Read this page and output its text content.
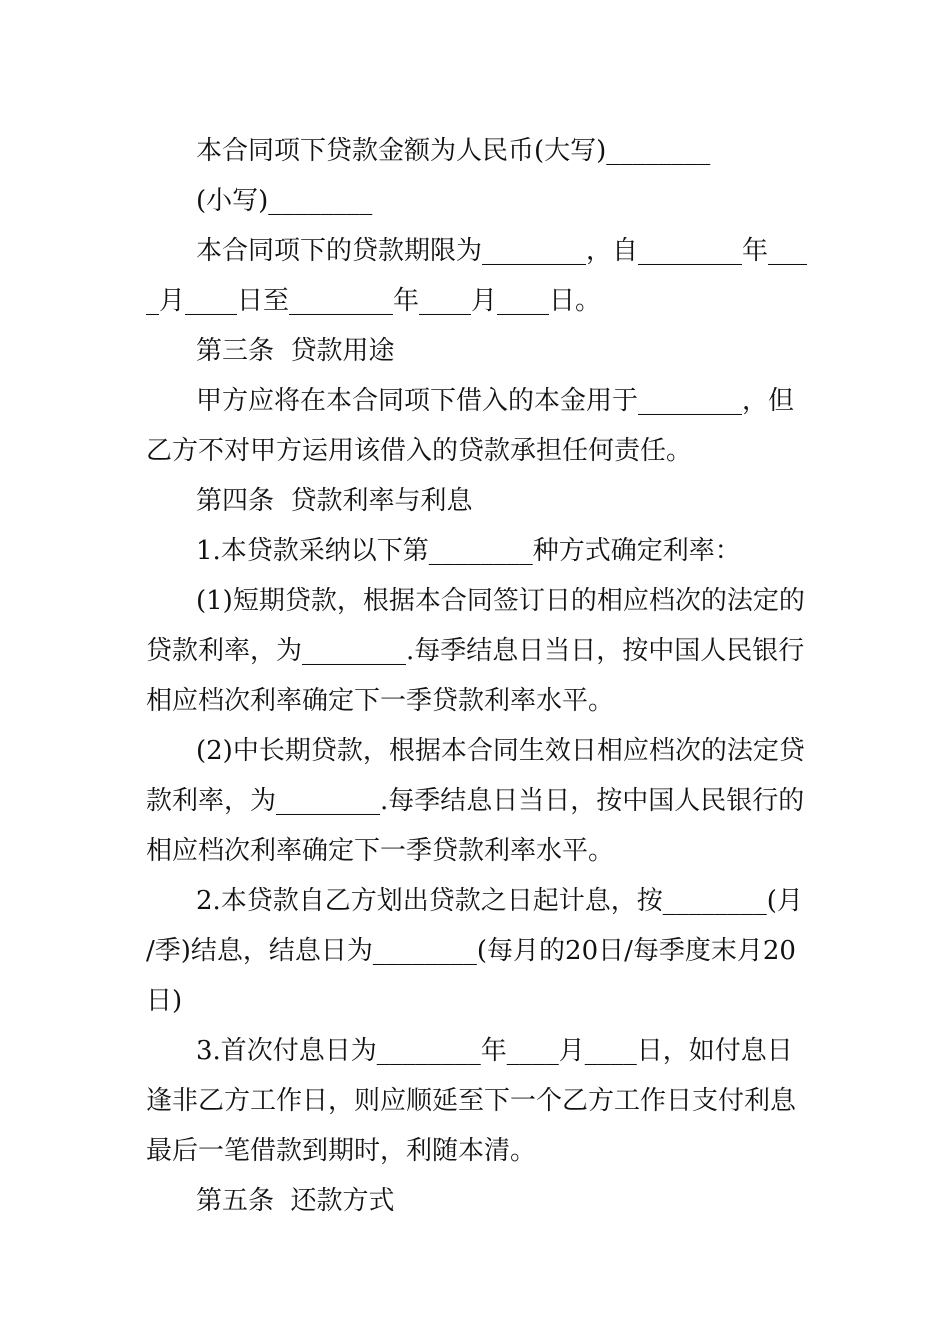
本合同项下贷款金额为人民币(大写)________
(小写)________
本合同项下的贷款期限为________，自________年___
_月____日至________年____月____日。
第三条  贷款用途
甲方应将在本合同项下借入的本金用于________，但
乙方不对甲方运用该借入的贷款承担任何责任。
第四条  贷款利率与利息
1.本贷款采纳以下第________种方式确定利率：
(1)短期贷款，根据本合同签订日的相应档次的法定的
贷款利率，为________.每季结息日当日，按中国人民银行
相应档次利率确定下一季贷款利率水平。
(2)中长期贷款，根据本合同生效日相应档次的法定贷
款利率，为________.每季结息日当日，按中国人民银行的
相应档次利率确定下一季贷款利率水平。
2.本贷款自乙方划出贷款之日起计息，按________(月
/季)结息，结息日为________(每月的20日/每季度末月20
日)
3.首次付息日为________年____月____日，如付息日
逢非乙方工作日，则应顺延至下一个乙方工作日支付利息
最后一笔借款到期时，利随本清。
第五条  还款方式
